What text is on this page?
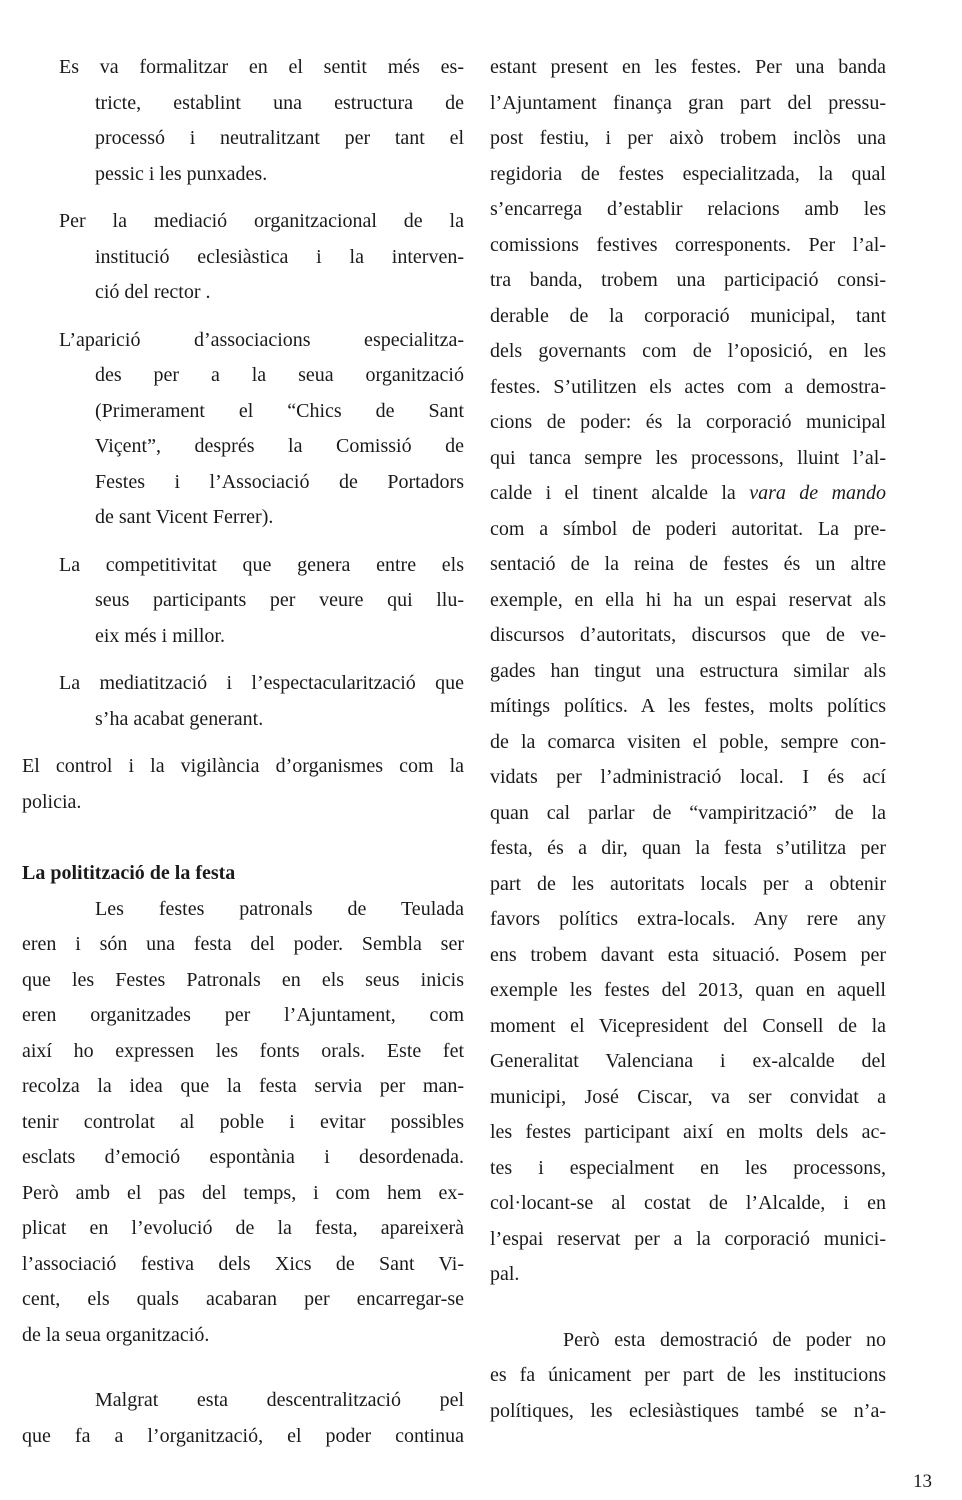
Es va formalitzar en el sentit més es-
tricte, establint una estructura de
processó i neutralitzant per tant el
pessic i les punxades.
Per la mediació organitzacional de la
institució eclesiàstica i la interven-
ció del rector .
L’aparició d’associacions especialitza-
des per a la seua organització
(Primerament el “Chics de Sant
Viçent”, després la Comissió de
Festes i l’Associació de Portadors
de sant Vicent Ferrer).
La competitivitat que genera entre els
seus participants per veure qui llu-
eix més i millor.
La mediatització i l’espectacularització que
s’ha acabat generant.
El control i la vigilància d’organismes com la
policia.
La politització de la festa
Les festes patronals de Teulada
eren i són una festa del poder. Sembla ser
que les Festes Patronals en els seus inicis
eren organitzades per l’Ajuntament, com
així ho expressen les fonts orals. Este fet
recolza la idea que la festa servia per man-
tenir controlat al poble i evitar possibles
esclats d’emoció espontània i desordenada.
Però amb el pas del temps, i com hem ex-
plicat en l’evolució de la festa, apareixerà
l’associació festiva dels Xics de Sant Vi-
cent, els quals acabaran per encarregar-se
de la seua organització.
Malgrat esta descentralització pel
que fa a l’organització, el poder continua
estant present en les festes. Per una banda
l’Ajuntament finança gran part del pressu-
post festiu, i per això trobem inclòs una
regidoria de festes especialitzada, la qual
s’encarrega d’establir relacions amb les
comissions festives corresponents. Per l’al-
tra banda, trobem una participació consi-
derable de la corporació municipal, tant
dels governants com de l’oposició, en les
festes. S’utilitzen els actes com a demostra-
cions de poder: és la corporació municipal
qui tanca sempre les processons, lluint l’al-
calde i el tinent alcalde la vara de mando
com a símbol de poderi autoritat. La pre-
sentació de la reina de festes és un altre
exemple, en ella hi ha un espai reservat als
discursos d’autoritats, discursos que de ve-
gades han tingut una estructura similar als
mítings polítics. A les festes, molts polítics
de la comarca visiten el poble, sempre con-
vidats per l’administració local. I és ací
quan cal parlar de “vampirització” de la
festa, és a dir, quan la festa s’utilitza per
part de les autoritats locals per a obtenir
favors polítics extra-locals. Any rere any
ens trobem davant esta situació. Posem per
exemple les festes del 2013, quan en aquell
moment el Vicepresident del Consell de la
Generalitat Valenciana i ex-alcalde del
municipi, José Ciscar, va ser convidat a
les festes participant així en molts dels ac-
tes i especialment en les processons,
col·locant-se al costat de l’Alcalde, i en
l’espai reservat per a la corporació munici-
pal.
Però esta demostració de poder no
es fa únicament per part de les institucions
polítiques, les eclesiàstiques també se n’a-
13
